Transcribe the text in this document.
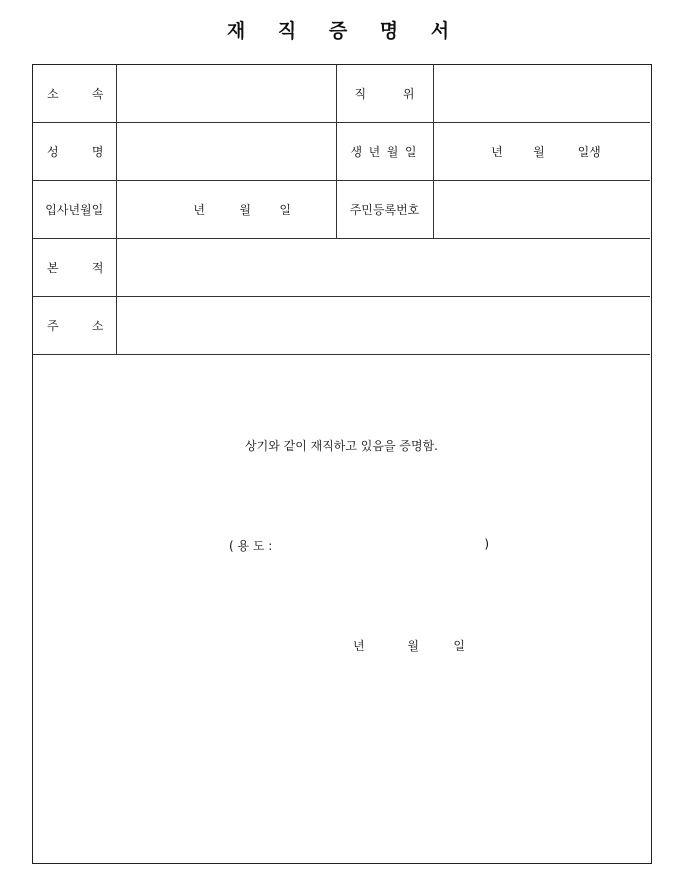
재 직 증 명 서
소 속		직 위	

성 명		생 년 월 일	년 월 일생

입사년월일	년 월 일	주민등록번호	

본 적			

주 소			

상기와 같이 재직하고 있음을 증명함.
( 용 도 :	)
년	월	일
